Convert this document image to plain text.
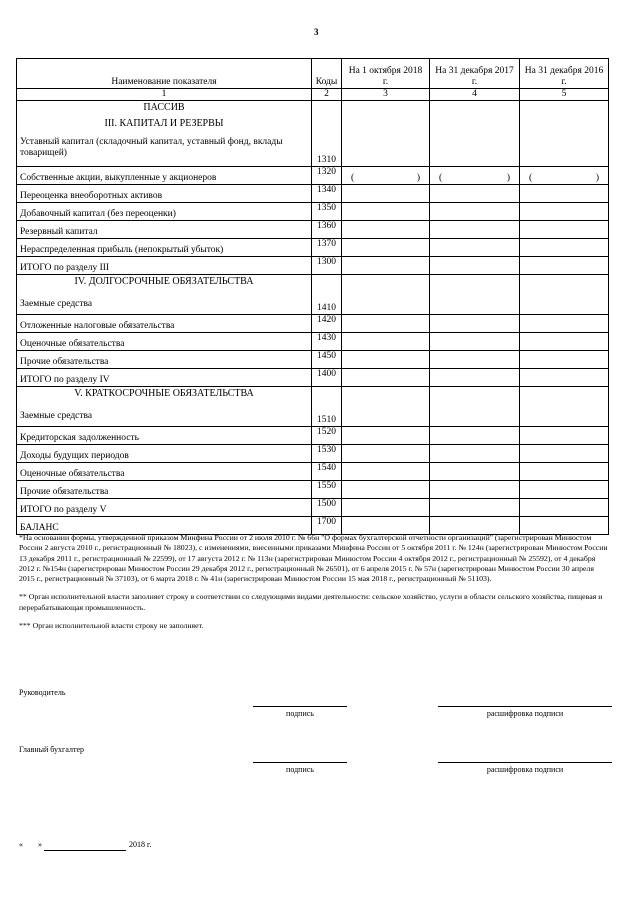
3
Наименование показателя	Коды	На 1 октября 2018 г.	На 31 декабря 2017 г.	На 31 декабря 2016 г.
1	2	3	4	5

ПАССИВ
III. КАПИТАЛ И РЕЗЕРВЫ
Уставный капитал (складочный капитал, уставный фонд, вклады товарищей)	1310			
Собственные акции, выкупленные у акционеров	1320	( )	( )	( )

Переоценка внеоборотных активов	1340			
Добавочный капитал (без переоценки)	1350			
Резервный капитал	1360			
Нераспределенная прибыль (непокрытый убыток)	1370			
ИТОГО по разделу III	1300			

IV. ДОЛГОСРОЧНЫЕ ОБЯЗАТЕЛЬСТВА
Заемные средства	1410			
Отложенные налоговые обязательства	1420			
Оценочные обязательства	1430			
Прочие обязательства	1450			
ИТОГО по разделу IV	1400			

V. КРАТКОСРОЧНЫЕ ОБЯЗАТЕЛЬСТВА
Заемные средства	1510			
Кредиторская задолженность	1520			
Доходы будущих периодов	1530			
Оценочные обязательства	1540			
Прочие обязательства	1550			
ИТОГО по разделу V	1500			
БАЛАНС	1700			

*На основании формы, утвержденной приказом Минфина России от 2 июля 2010 г. № 66н "О формах бухгалтерской отчетности организаций" (зарегистрирован Минюстом России 2 августа 2010 г., регистрационный № 18023), с изменениями, внесенными приказами Минфина России от 5 октября 2011 г. № 124н (зарегистрирован Минюстом России 13 декабря 2011 г., регистрационный № 22599), от 17 августа 2012 г. № 113н (зарегистрирован Минюстом России 4 октября 2012 г., регистрационный № 25592), от 4 декабря 2012 г. №154н (зарегистрирован Минюстом России 29 декабря 2012 г., регистрационный № 26501), от 6 апреля 2015 г. № 57н (зарегистрирован Минюстом России 30 апреля 2015 г., регистрационный № 37103), от 6 марта 2018 г. № 41н (зарегистрирован Минюстом России 15 мая 2018 г., регистрационный № 51103).

** Орган исполнительной власти заполняет строку в соответствии со следующими видами деятельности: сельское хозяйство, услуги в области сельского хозяйства, пищевая и перерабатывающая промышленность.

*** Орган исполнительной власти строку не заполняет.

Руководитель
подпись	расшифровка подписи
Главный бухгалтер
подпись	расшифровка подписи
« »	2018 г.
